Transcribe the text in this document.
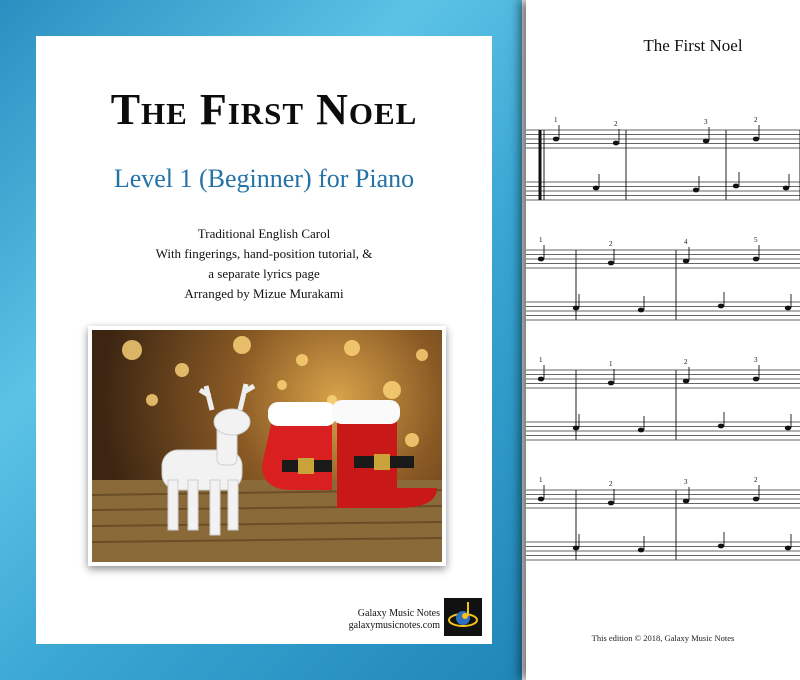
The First Noel
Level 1 (Beginner) for Piano
Traditional English Carol
With fingerings, hand-position tutorial, &
a separate lyrics page
Arranged by Mizue Murakami
Galaxy Music Notes
galaxymusicnotes.com
The First Noel
1	2	3	2
1	2	4	5
1	1	2	3
1	2	3	2
This edition © 2018, Galaxy Music Notes
